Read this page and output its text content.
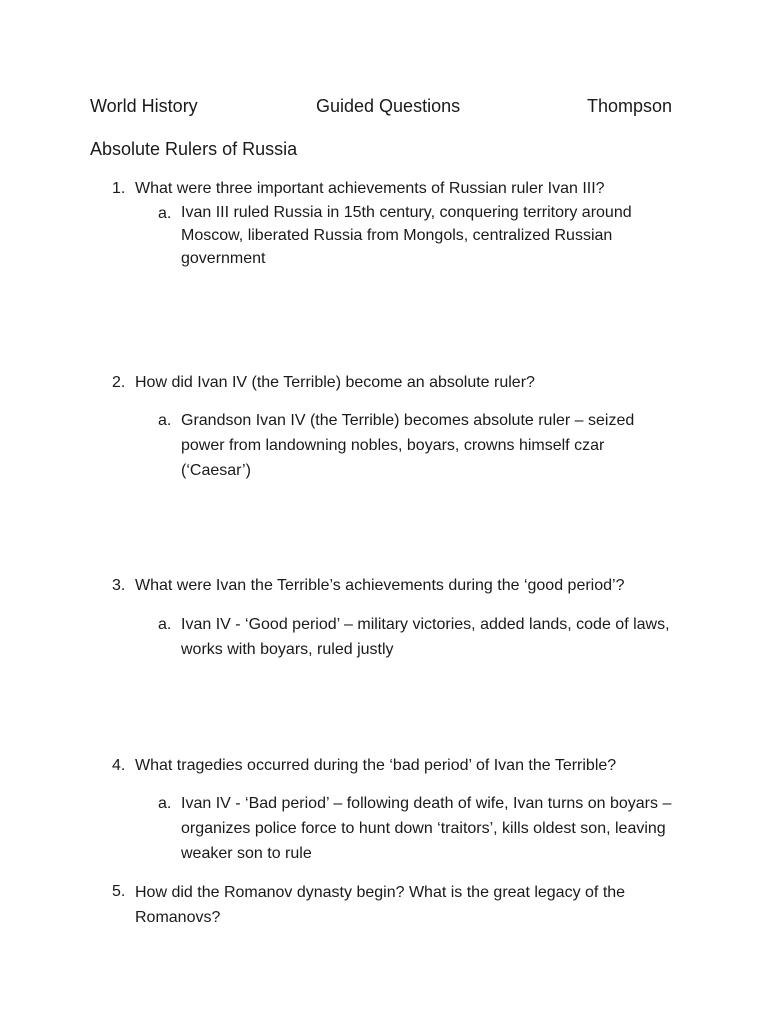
World History	Guided Questions	Thompson
Absolute Rulers of Russia
1. What were three important achievements of Russian ruler Ivan III?
a. Ivan III ruled Russia in 15th century, conquering territory around Moscow, liberated Russia from Mongols, centralized Russian government
2. How did Ivan IV (the Terrible) become an absolute ruler?
a. Grandson Ivan IV (the Terrible) becomes absolute ruler – seized power from landowning nobles, boyars, crowns himself czar (‘Caesar’)
3. What were Ivan the Terrible’s achievements during the ‘good period’?
a. Ivan IV - ‘Good period’ – military victories, added lands, code of laws, works with boyars, ruled justly
4. What tragedies occurred during the ‘bad period’ of Ivan the Terrible?
a. Ivan IV - ‘Bad period’ – following death of wife, Ivan turns on boyars – organizes police force to hunt down ‘traitors’, kills oldest son, leaving weaker son to rule
5. How did the Romanov dynasty begin? What is the great legacy of the Romanovs?
